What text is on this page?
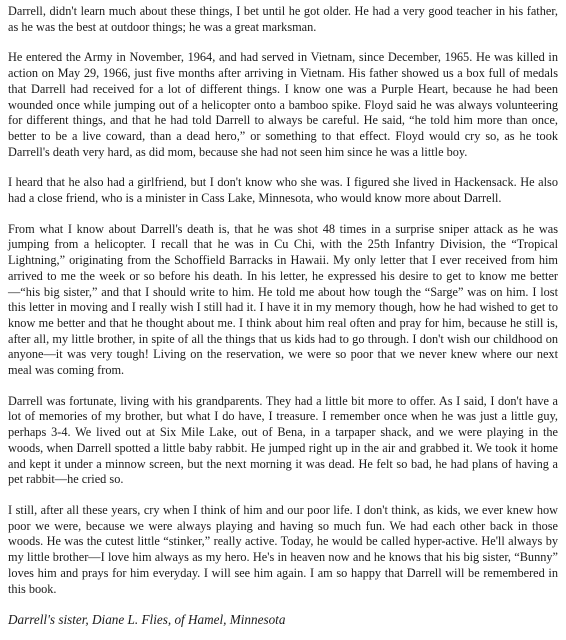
Darrell, didn't learn much about these things, I bet until he got older. He had a very good teacher in his father, as he was the best at outdoor things; he was a great marksman.

He entered the Army in November, 1964, and had served in Vietnam, since December, 1965. He was killed in action on May 29, 1966, just five months after arriving in Vietnam. His father showed us a box full of medals that Darrell had received for a lot of different things. I know one was a Purple Heart, because he had been wounded once while jumping out of a helicopter onto a bamboo spike. Floyd said he was always volunteering for different things, and that he had told Darrell to always be careful. He said, “he told him more than once, better to be a live coward, than a dead hero,” or something to that effect. Floyd would cry so, as he took Darrell's death very hard, as did mom, because she had not seen him since he was a little boy.

I heard that he also had a girlfriend, but I don't know who she was. I figured she lived in Hackensack. He also had a close friend, who is a minister in Cass Lake, Minnesota, who would know more about Darrell.

From what I know about Darrell's death is, that he was shot 48 times in a surprise sniper attack as he was jumping from a helicopter. I recall that he was in Cu Chi, with the 25th Infantry Division, the “Tropical Lightning,” originating from the Schoffield Barracks in Hawaii. My only letter that I ever received from him arrived to me the week or so before his death. In his letter, he expressed his desire to get to know me better—“his big sister,” and that I should write to him. He told me about how tough the “Sarge” was on him. I lost this letter in moving and I really wish I still had it. I have it in my memory though, how he had wished to get to know me better and that he thought about me. I think about him real often and pray for him, because he still is, after all, my little brother, in spite of all the things that us kids had to go through. I don't wish our childhood on anyone—it was very tough! Living on the reservation, we were so poor that we never knew where our next meal was coming from.

Darrell was fortunate, living with his grandparents. They had a little bit more to offer. As I said, I don't have a lot of memories of my brother, but what I do have, I treasure. I remember once when he was just a little guy, perhaps 3-4. We lived out at Six Mile Lake, out of Bena, in a tarpaper shack, and we were playing in the woods, when Darrell spotted a little baby rabbit. He jumped right up in the air and grabbed it. We took it home and kept it under a minnow screen, but the next morning it was dead. He felt so bad, he had plans of having a pet rabbit—he cried so.

I still, after all these years, cry when I think of him and our poor life. I don't think, as kids, we ever knew how poor we were, because we were always playing and having so much fun. We had each other back in those woods. He was the cutest little “stinker,” really active. Today, he would be called hyper-active. He'll always by my little brother—I love him always as my hero. He's in heaven now and he knows that his big sister, “Bunny” loves him and prays for him everyday. I will see him again. I am so happy that Darrell will be remembered in this book.

Darrell's sister, Diane L. Flies, of Hamel, Minnesota
